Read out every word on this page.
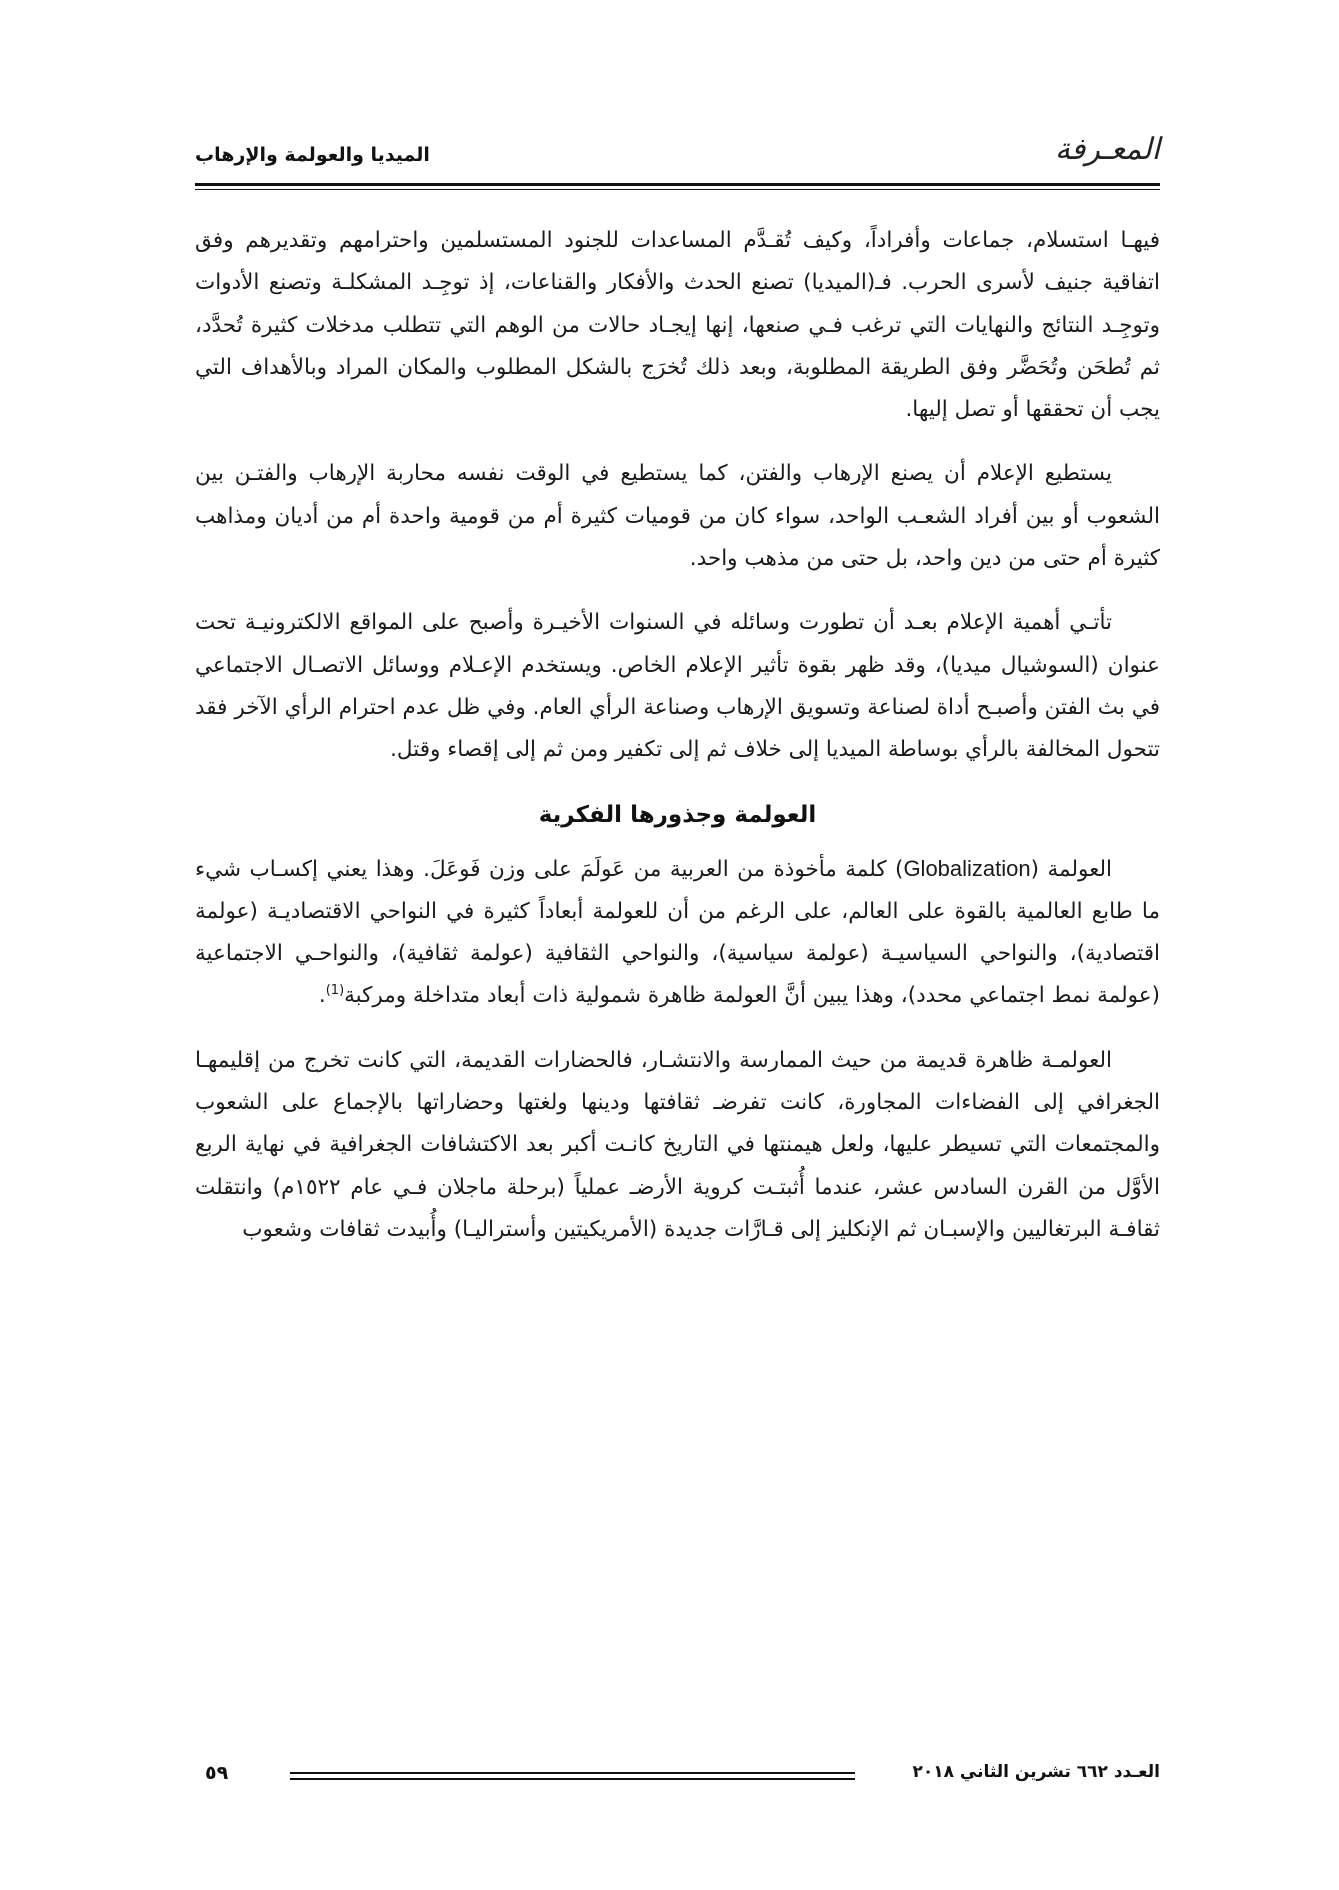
المعـرفة
الميديا والعولمة والإرهاب

فيهـا استسلام، جماعات وأفراداً، وكيف تُقـدَّم المساعدات للجنود المستسلمين واحترامهم وتقديرهم وفق اتفاقية جنيف لأسرى الحرب. فـ(الميديا) تصنع الحدث والأفكار والقناعات، إذ توجِـد المشكلـة وتصنع الأدوات وتوجِـد النتائج والنهايات التي ترغب فـي صنعها، إنها إيجـاد حالات من الوهم التي تتطلب مدخلات كثيرة تُحدَّد، ثم تُطحَن وتُحَضَّر وفق الطريقة المطلوبة، وبعد ذلك تُخرَج بالشكل المطلوب والمكان المراد وبالأهداف التي يجب أن تحققها أو تصل إليها.

يستطيع الإعلام أن يصنع الإرهاب والفتن، كما يستطيع في الوقت نفسه محاربة الإرهاب والفتـن بين الشعوب أو بين أفراد الشعـب الواحد، سواء كان من قوميات كثيرة أم من قومية واحدة أم من أديان ومذاهب كثيرة أم حتى من دين واحد، بل حتى من مذهب واحد.

تأتـي أهمية الإعلام بعـد أن تطورت وسائله في السنوات الأخيـرة وأصبح على المواقع الالكترونيـة تحت عنوان (السوشيال ميديا)، وقد ظهر بقوة تأثير الإعلام الخاص. ويستخدم الإعـلام ووسائل الاتصـال الاجتماعي في بث الفتن وأصبـح أداة لصناعة وتسويق الإرهاب وصناعة الرأي العام. وفي ظل عدم احترام الرأي الآخر فقد تتحول المخالفة بالرأي بوساطة الميديا إلى خلاف ثم إلى تكفير ومن ثم إلى إقصاء وقتل.

العولمة وجذورها الفكرية

العولمة (Globalization) كلمة مأخوذة من العربية من عَولَمَ على وزن فَوعَلَ. وهذا يعني إكسـاب شيء ما طابع العالمية بالقوة على العالم، على الرغم من أن للعولمة أبعاداً كثيرة في النواحي الاقتصاديـة (عولمة اقتصادية)، والنواحي السياسيـة (عولمة سياسية)، والنواحي الثقافية (عولمة ثقافية)، والنواحـي الاجتماعية (عولمة نمط اجتماعي محدد)، وهذا يبين أنَّ العولمة ظاهرة شمولية ذات أبعاد متداخلة ومركبة$^{(1)}$.

العولمـة ظاهرة قديمة من حيث الممارسة والانتشـار، فالحضارات القديمة، التي كانت تخرج من إقليمهـا الجغرافي إلى الفضاءات المجاورة، كانت تفرضـ ثقافتها ودينها ولغتها وحضاراتها بالإجماع على الشعوب والمجتمعات التي تسيطر عليها، ولعل هيمنتها في التاريخ كانـت أكبر بعد الاكتشافات الجغرافية في نهاية الربع الأوَّل من القرن السادس عشر، عندما أُثبتـت كروية الأرضـ عملياً (برحلة ماجلان فـي عام ١٥٢٢م) وانتقلت ثقافـة البرتغاليين والإسبـان ثم الإنكليز إلى قـارَّات جديدة (الأمريكيتين وأستراليـا) وأُبيدت ثقافات وشعوب

العـدد ٦٦٢ تشرين الثاني ٢٠١٨
٥٩
